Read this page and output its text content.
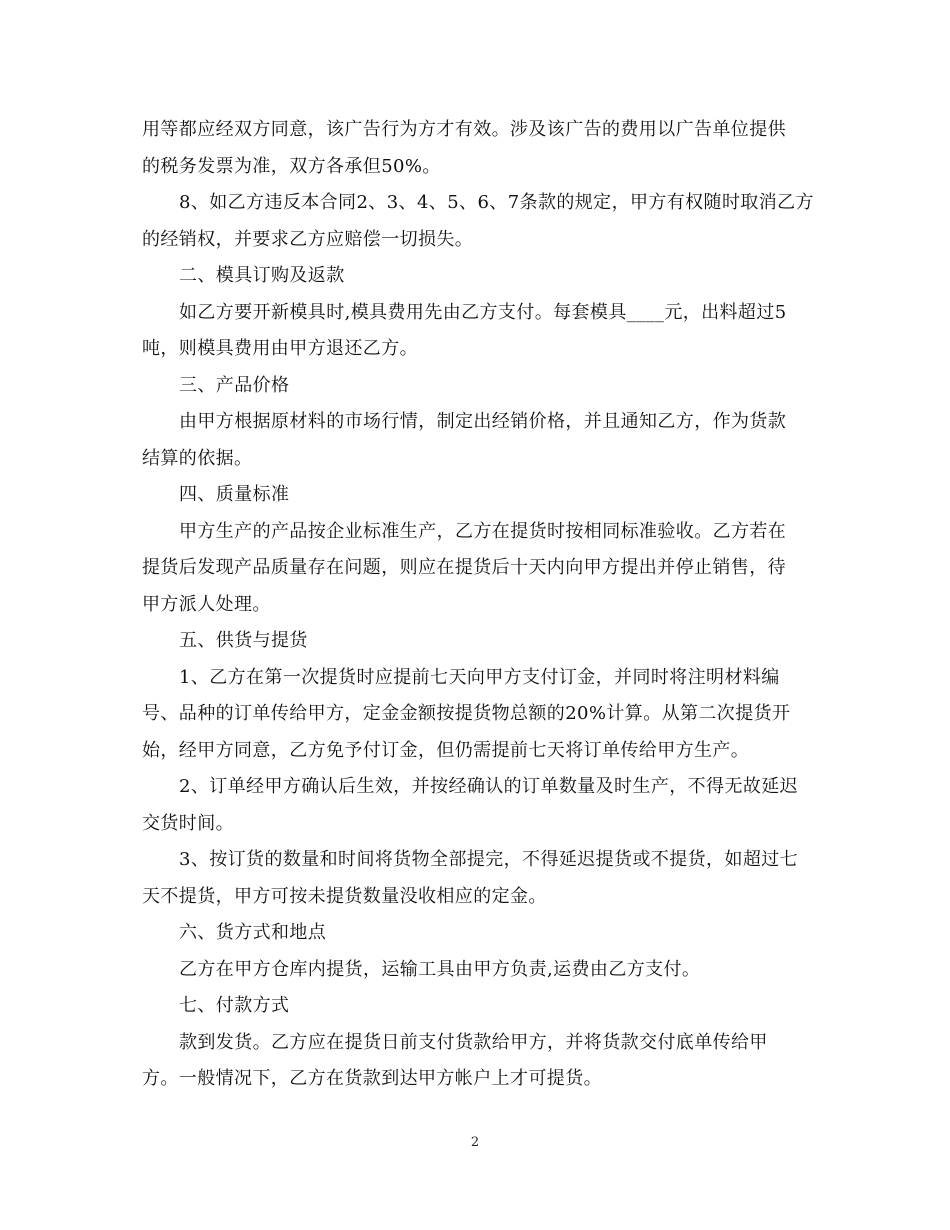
用等都应经双方同意，该广告行为方才有效。涉及该广告的费用以广告单位提供
的税务发票为准，双方各承但50%。

8、如乙方违反本合同2、3、4、5、6、7条款的规定，甲方有权随时取消乙方
的经销权，并要求乙方应赔偿一切损失。

二、模具订购及返款

如乙方要开新模具时,模具费用先由乙方支付。每套模具____元，出料超过5
吨，则模具费用由甲方退还乙方。

三、产品价格

由甲方根据原材料的市场行情，制定出经销价格，并且通知乙方，作为货款
结算的依据。

四、质量标准

甲方生产的产品按企业标准生产，乙方在提货时按相同标准验收。乙方若在
提货后发现产品质量存在问题，则应在提货后十天内向甲方提出并停止销售，待
甲方派人处理。

五、供货与提货

1、乙方在第一次提货时应提前七天向甲方支付订金，并同时将注明材料编
号、品种的订单传给甲方，定金金额按提货物总额的20%计算。从第二次提货开
始，经甲方同意，乙方免予付订金，但仍需提前七天将订单传给甲方生产。

2、订单经甲方确认后生效，并按经确认的订单数量及时生产，不得无故延迟
交货时间。

3、按订货的数量和时间将货物全部提完，不得延迟提货或不提货，如超过七
天不提货，甲方可按未提货数量没收相应的定金。

六、货方式和地点

乙方在甲方仓库内提货，运输工具由甲方负责,运费由乙方支付。

七、付款方式

款到发货。乙方应在提货日前支付货款给甲方，并将货款交付底单传给甲
方。一般情况下，乙方在货款到达甲方帐户上才可提货。

2
